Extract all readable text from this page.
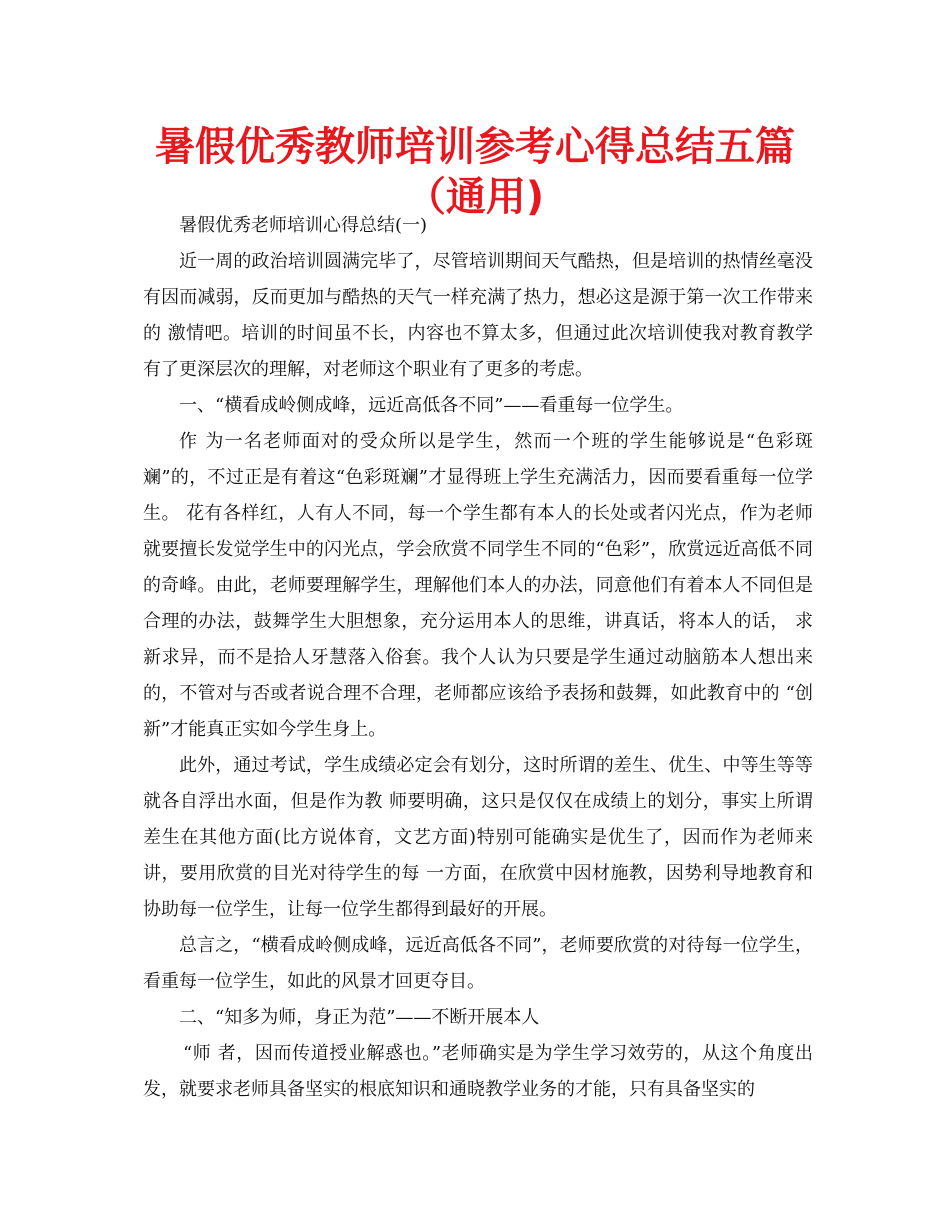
暑假优秀教师培训参考心得总结五篇（通用)

暑假优秀老师培训心得总结(一)

近一周的政治培训圆满完毕了，尽管培训期间天气酷热，但是培训的热情丝毫没有因而减弱，反而更加与酷热的天气一样充满了热力，想必这是源于第一次工作带来的 激情吧。培训的时间虽不长，内容也不算太多，但通过此次培训使我对教育教学有了更深层次的理解，对老师这个职业有了更多的考虑。

一、“横看成岭侧成峰，远近高低各不同”——看重每一位学生。

作 为一名老师面对的受众所以是学生，然而一个班的学生能够说是“色彩斑斓”的，不过正是有着这“色彩斑斓”才显得班上学生充满活力，因而要看重每一位学生。 花有各样红，人有人不同，每一个学生都有本人的长处或者闪光点，作为老师就要擅长发觉学生中的闪光点，学会欣赏不同学生不同的“色彩”，欣赏远近高低不同 的奇峰。由此，老师要理解学生，理解他们本人的办法，同意他们有着本人不同但是合理的办法，鼓舞学生大胆想象，充分运用本人的思维，讲真话，将本人的话， 求新求异，而不是拾人牙慧落入俗套。我个人认为只要是学生通过动脑筋本人想出来的，不管对与否或者说合理不合理，老师都应该给予表扬和鼓舞，如此教育中的 “创新”才能真正实如今学生身上。

此外，通过考试，学生成绩必定会有划分，这时所谓的差生、优生、中等生等等就各自浮出水面，但是作为教 师要明确，这只是仅仅在成绩上的划分，事实上所谓差生在其他方面(比方说体育，文艺方面)特别可能确实是优生了，因而作为老师来讲，要用欣赏的目光对待学生的每 一方面，在欣赏中因材施教，因势利导地教育和协助每一位学生，让每一位学生都得到最好的开展。

总言之，“横看成岭侧成峰，远近高低各不同”，老师要欣赏的对待每一位学生，看重每一位学生，如此的风景才回更夺目。

二、“知多为师，身正为范”——不断开展本人

“师 者，因而传道授业解惑也。”老师确实是为学生学习效劳的，从这个角度出发，就要求老师具备坚实的根底知识和通晓教学业务的才能，只有具备坚实的
